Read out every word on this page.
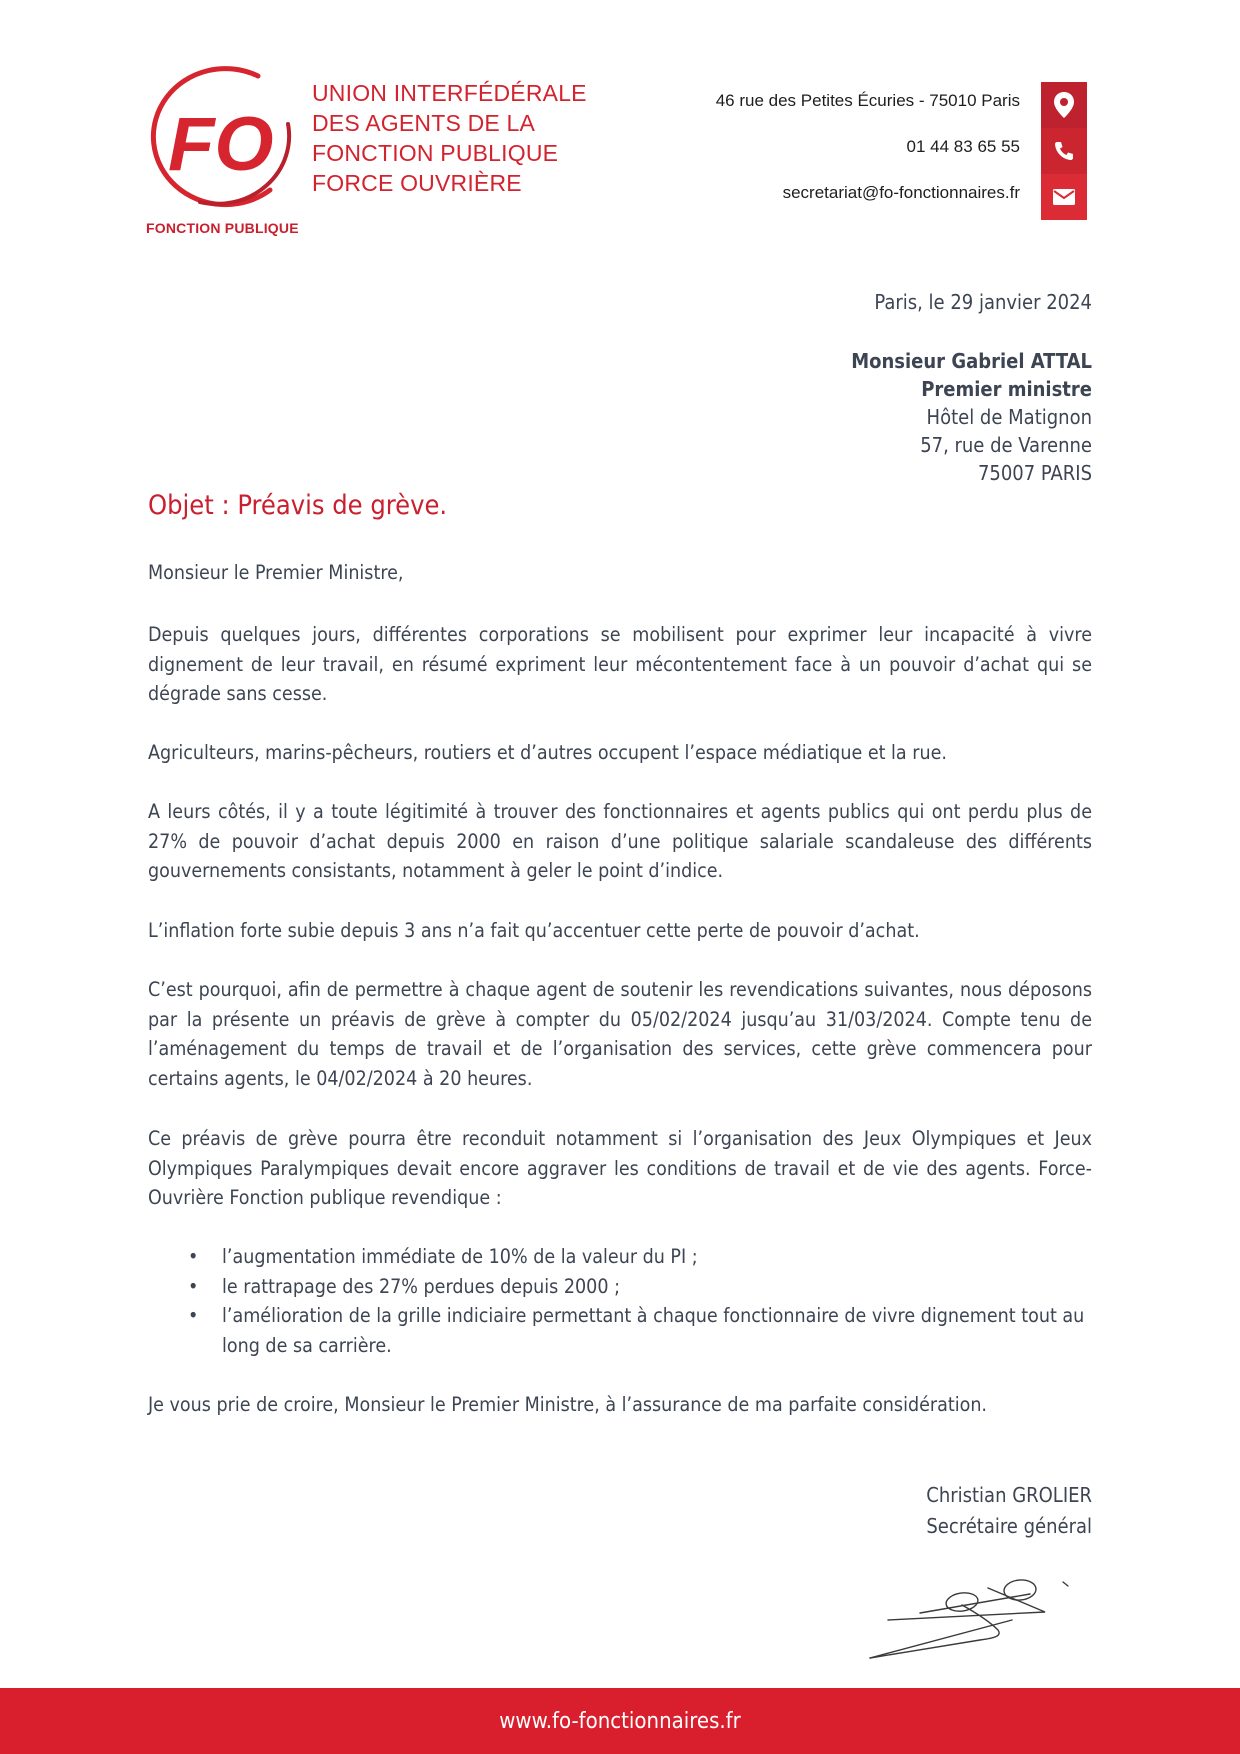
FO
FONCTION PUBLIQUE
UNION INTERFÉDÉRALE
DES AGENTS DE LA
FONCTION PUBLIQUE
FORCE OUVRIÈRE
46 rue des Petites Écuries - 75010 Paris
01 44 83 65 55
secretariat@fo-fonctionnaires.fr
Paris, le 29 janvier 2024
Monsieur Gabriel ATTAL
Premier ministre
Hôtel de Matignon
57, rue de Varenne
75007 PARIS
Objet : Préavis de grève.
Monsieur le Premier Ministre,
Depuis quelques jours, différentes corporations se mobilisent pour exprimer leur incapacité à vivre dignement de leur travail, en résumé expriment leur mécontentement face à un pouvoir d’achat qui se dégrade sans cesse.
Agriculteurs, marins-pêcheurs, routiers et d’autres occupent l’espace médiatique et la rue.
A leurs côtés, il y a toute légitimité à trouver des fonctionnaires et agents publics qui ont perdu plus de 27% de pouvoir d’achat depuis 2000 en raison d’une politique salariale scandaleuse des différents gouvernements consistants, notamment à geler le point d’indice.
L’inflation forte subie depuis 3 ans n’a fait qu’accentuer cette perte de pouvoir d’achat.
C’est pourquoi, afin de permettre à chaque agent de soutenir les revendications suivantes, nous déposons par la présente un préavis de grève à compter du 05/02/2024 jusqu’au 31/03/2024. Compte tenu de l’aménagement du temps de travail et de l’organisation des services, cette grève commencera pour certains agents, le 04/02/2024 à 20 heures.
Ce préavis de grève pourra être reconduit notamment si l’organisation des Jeux Olympiques et Jeux Olympiques Paralympiques devait encore aggraver les conditions de travail et de vie des agents. Force-Ouvrière Fonction publique revendique :
• l’augmentation immédiate de 10% de la valeur du PI ;
• le rattrapage des 27% perdues depuis 2000 ;
• l’amélioration de la grille indiciaire permettant à chaque fonctionnaire de vivre dignement tout au long de sa carrière.
Je vous prie de croire, Monsieur le Premier Ministre, à l’assurance de ma parfaite considération.
Christian GROLIER
Secrétaire général
www.fo-fonctionnaires.fr
